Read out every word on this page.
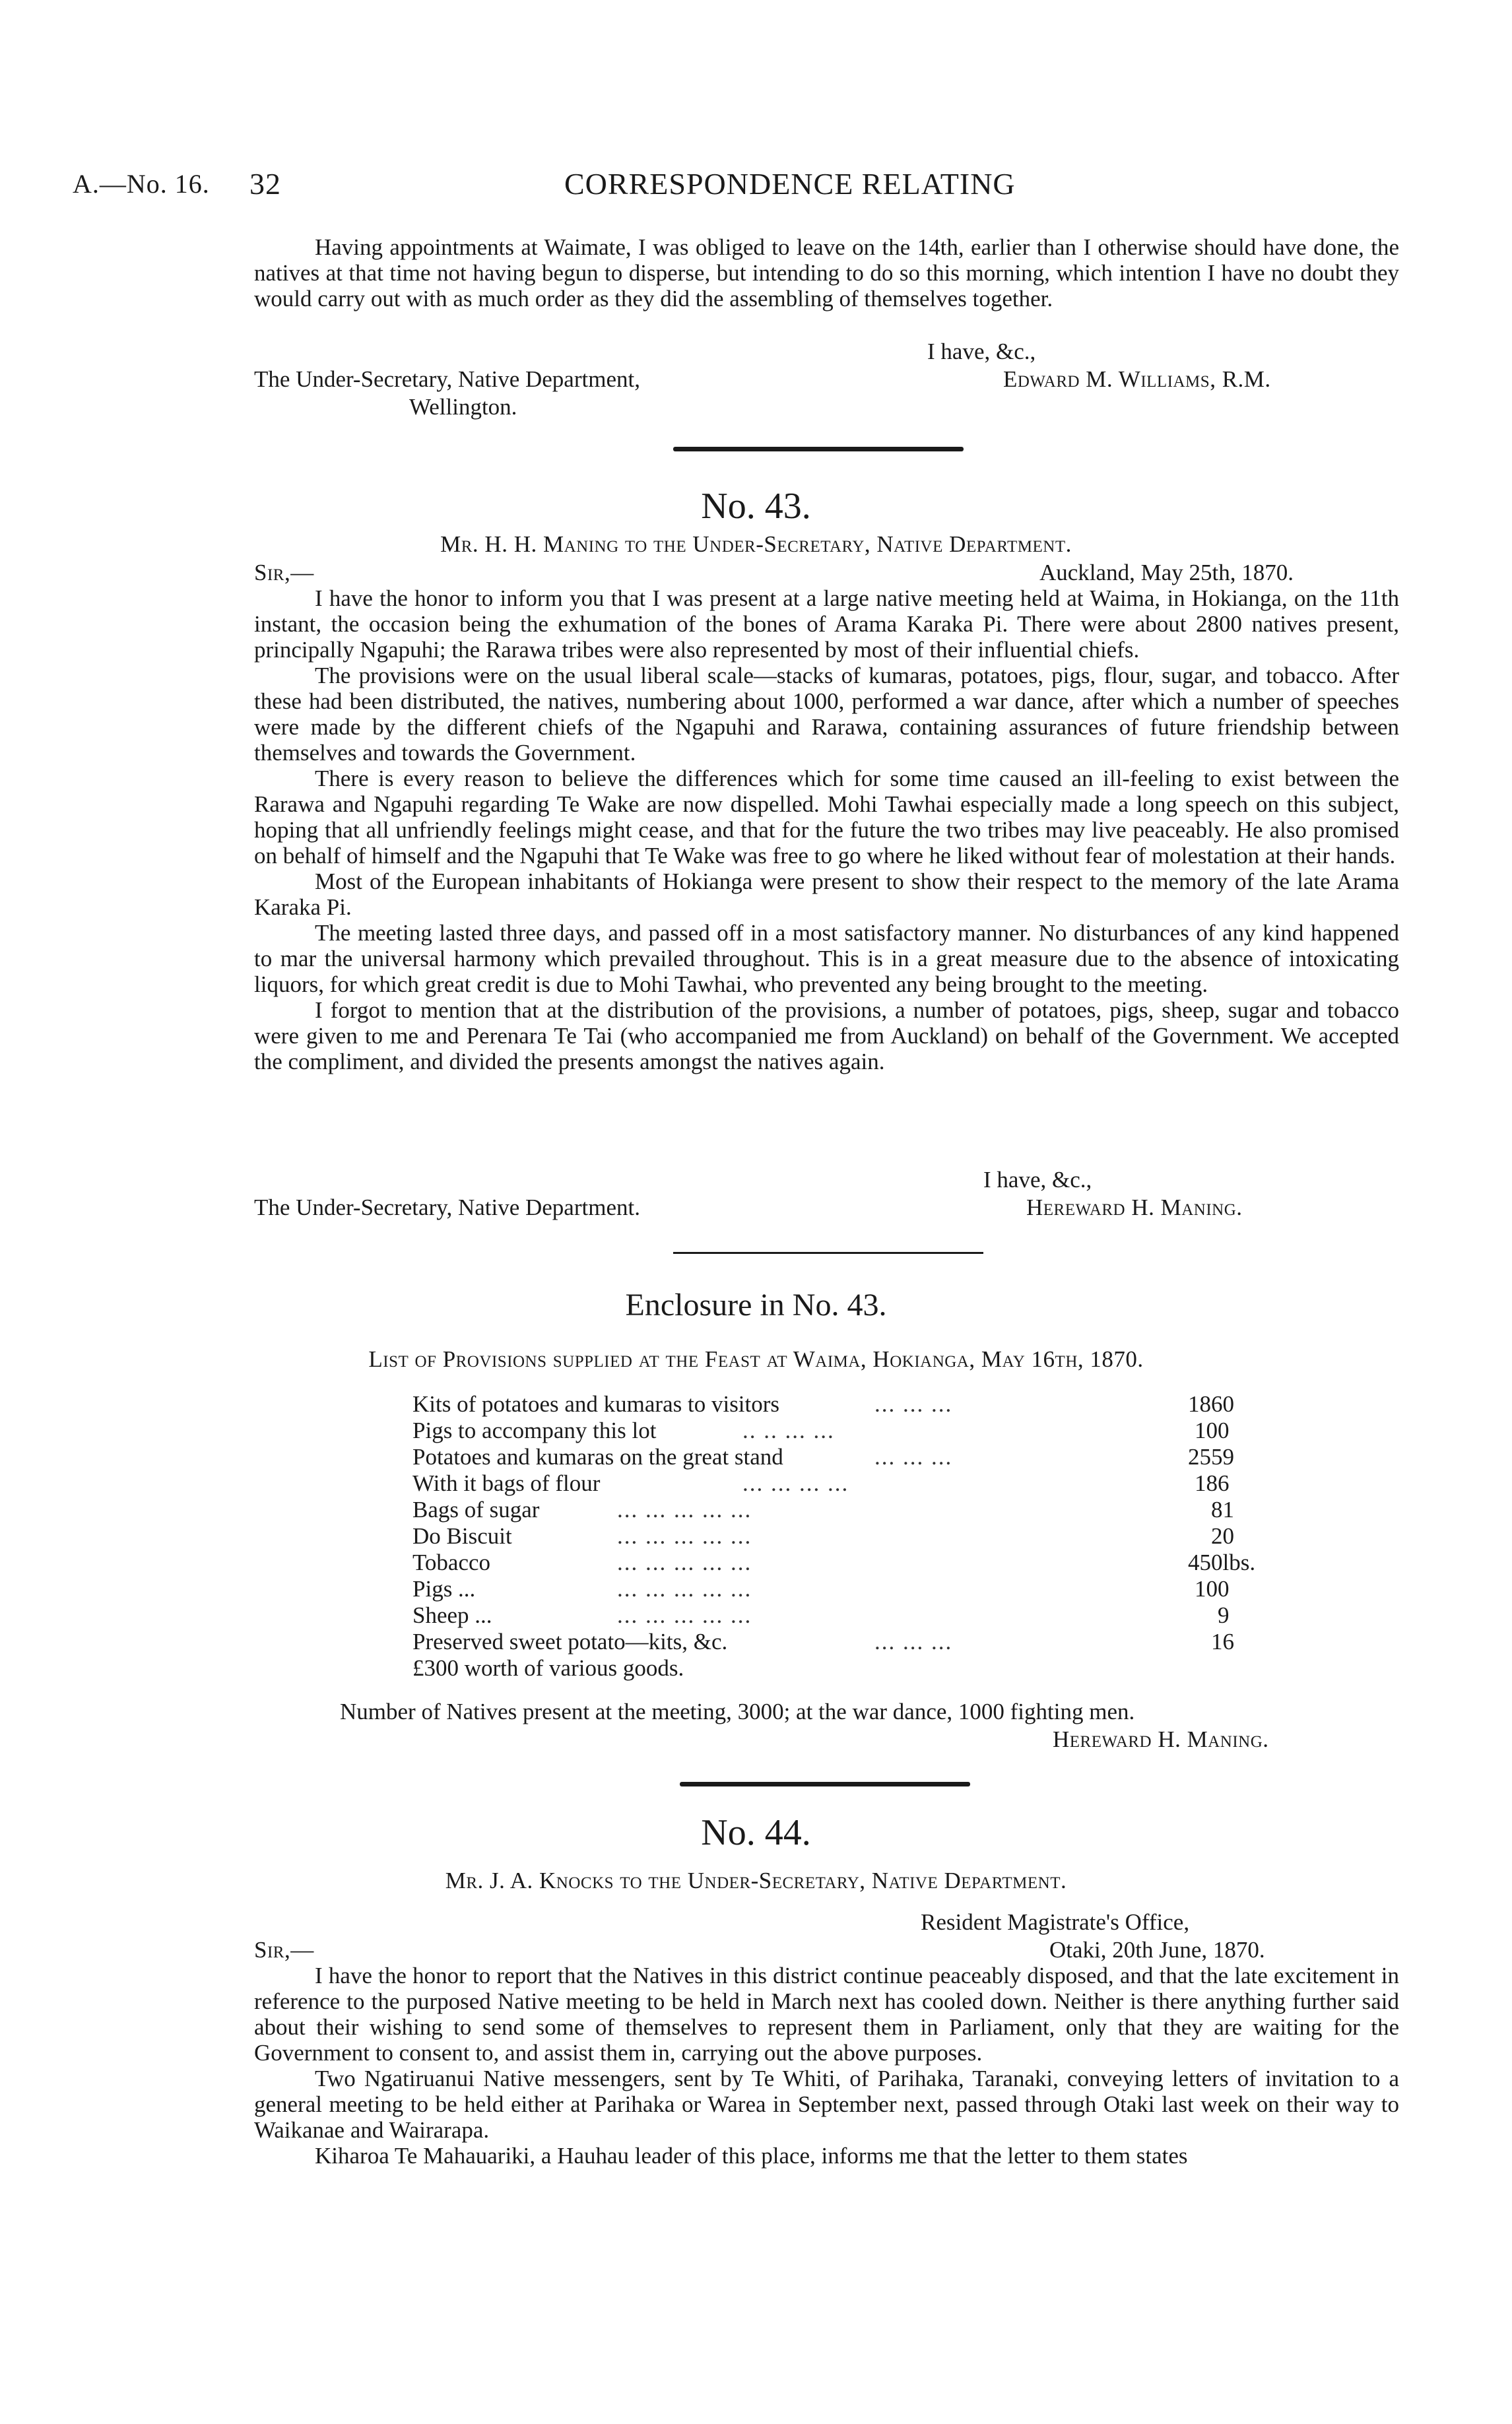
A.—No. 16. 32	CORRESPONDENCE RELATING

Having appointments at Waimate, I was obliged to leave on the 14th, earlier than I otherwise should have done, the natives at that time not having begun to disperse, but intending to do so this morning, which intention I have no doubt they would carry out with as much order as they did the assembling of themselves together.

I have, &c.,
The Under-Secretary, Native Department,	Edward M. Williams, R.M.
Wellington.
No. 43.
Mr. H. H. Maning to the Under-Secretary, Native Department.
Sir,—	Auckland, May 25th, 1870.

I have the honor to inform you that I was present at a large native meeting held at Waima, in Hokianga, on the 11th instant, the occasion being the exhumation of the bones of Arama Karaka Pi. There were about 2800 natives present, principally Ngapuhi; the Rarawa tribes were also represented by most of their influential chiefs.

The provisions were on the usual liberal scale—stacks of kumaras, potatoes, pigs, flour, sugar, and tobacco. After these had been distributed, the natives, numbering about 1000, performed a war dance, after which a number of speeches were made by the different chiefs of the Ngapuhi and Rarawa, containing assurances of future friendship between themselves and towards the Government.

There is every reason to believe the differences which for some time caused an ill-feeling to exist between the Rarawa and Ngapuhi regarding Te Wake are now dispelled. Mohi Tawhai especially made a long speech on this subject, hoping that all unfriendly feelings might cease, and that for the future the two tribes may live peaceably. He also promised on behalf of himself and the Ngapuhi that Te Wake was free to go where he liked without fear of molestation at their hands.

Most of the European inhabitants of Hokianga were present to show their respect to the memory of the late Arama Karaka Pi.

The meeting lasted three days, and passed off in a most satisfactory manner. No disturbances of any kind happened to mar the universal harmony which prevailed throughout. This is in a great measure due to the absence of intoxicating liquors, for which great credit is due to Mohi Tawhai, who prevented any being brought to the meeting.

I forgot to mention that at the distribution of the provisions, a number of potatoes, pigs, sheep, sugar and tobacco were given to me and Perenara Te Tai (who accompanied me from Auckland) on behalf of the Government. We accepted the compliment, and divided the presents amongst the natives again.

I have, &c.,
The Under-Secretary, Native Department.	Hereward H. Maning.
Enclosure in No. 43.
List of Provisions supplied at the Feast at Waima, Hokianga, May 16th, 1870.
Kits of potatoes and kumaras to visitors	... ... ...	1860
Pigs to accompany this lot	.. .. ... ...	100
Potatoes and kumaras on the great stand	... ... ...	2559
With it bags of flour	... ... ... ...	186
Bags of sugar	... ... ... ... ...	81
Do Biscuit	... ... ... ... ...	20
Tobacco	... ... ... ... ...	450lbs.
Pigs ...	... ... ... ... ...	100
Sheep ...	... ... ... ... ...	9
Preserved sweet potato—kits, &c.	... ... ...	16
£300 worth of various goods.
Number of Natives present at the meeting, 3000; at the war dance, 1000 fighting men.
Hereward H. Maning.
No. 44.
Mr. J. A. Knocks to the Under-Secretary, Native Department.
Resident Magistrate's Office,
Sir,—	Otaki, 20th June, 1870.

I have the honor to report that the Natives in this district continue peaceably disposed, and that the late excitement in reference to the purposed Native meeting to be held in March next has cooled down. Neither is there anything further said about their wishing to send some of themselves to represent them in Parliament, only that they are waiting for the Government to consent to, and assist them in, carrying out the above purposes.

Two Ngatiruanui Native messengers, sent by Te Whiti, of Parihaka, Taranaki, conveying letters of invitation to a general meeting to be held either at Parihaka or Warea in September next, passed through Otaki last week on their way to Waikanae and Wairarapa.

Kiharoa Te Mahauariki, a Hauhau leader of this place, informs me that the letter to them states
